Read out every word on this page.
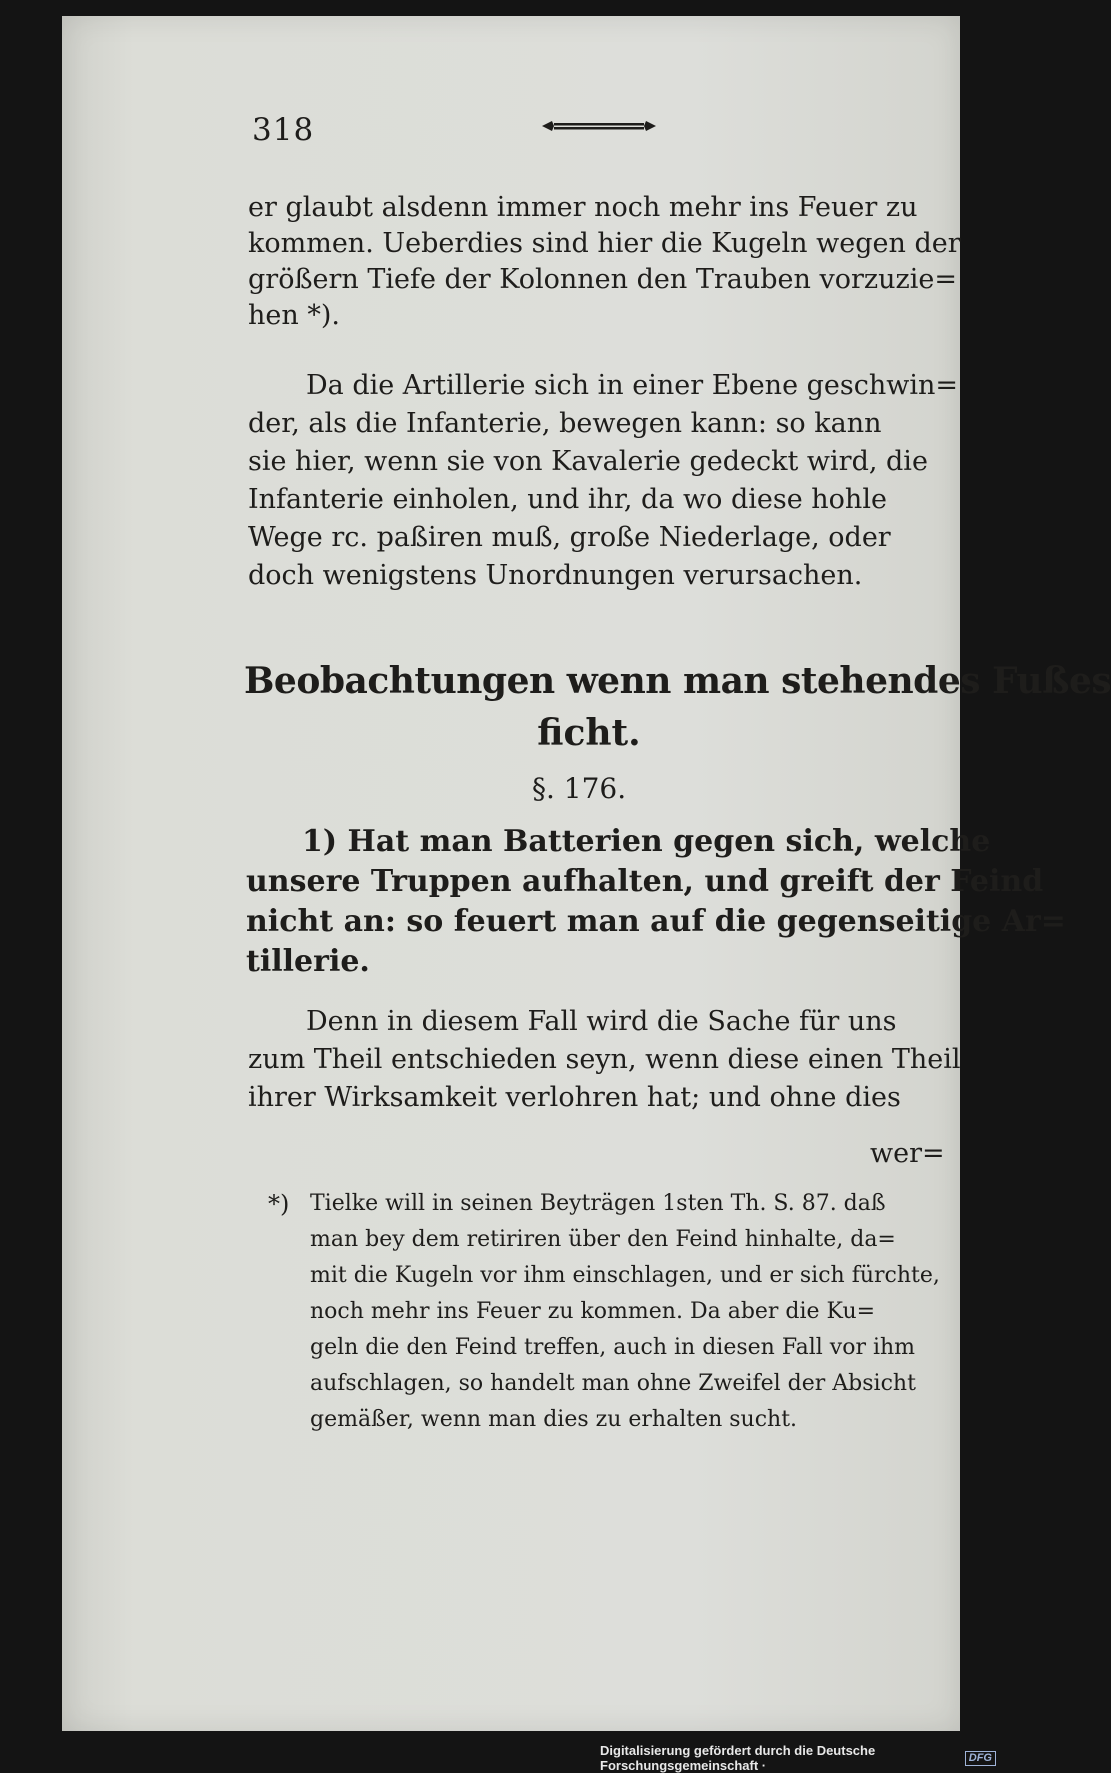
318
er glaubt alsdenn immer noch mehr ins Feuer zu
kommen. Ueberdies sind hier die Kugeln wegen der
größern Tiefe der Kolonnen den Trauben vorzuzie=
hen *).
Da die Artillerie sich in einer Ebene geschwin=
der, als die Infanterie, bewegen kann: so kann
sie hier, wenn sie von Kavalerie gedeckt wird, die
Infanterie einholen, und ihr, da wo diese hohle
Wege rc. paßiren muß, große Niederlage, oder
doch wenigstens Unordnungen verursachen.
Beobachtungen wenn man stehendes Fußes
ficht.
§. 176.
1) Hat man Batterien gegen sich, welche
unsere Truppen aufhalten, und greift der Feind
nicht an: so feuert man auf die gegenseitige Ar=
tillerie.
Denn in diesem Fall wird die Sache für uns
zum Theil entschieden seyn, wenn diese einen Theil
ihrer Wirksamkeit verlohren hat; und ohne dies
wer=
*) Tielke will in seinen Beyträgen 1sten Th. S. 87. daß
man bey dem retiriren über den Feind hinhalte, da=
mit die Kugeln vor ihm einschlagen, und er sich fürchte,
noch mehr ins Feuer zu kommen. Da aber die Ku=
geln die den Feind treffen, auch in diesen Fall vor ihm
aufschlagen, so handelt man ohne Zweifel der Absicht
gemäßer, wenn man dies zu erhalten sucht.
Digitalisierung gefördert durch die Deutsche Forschungsgemeinschaft ·
DFG
